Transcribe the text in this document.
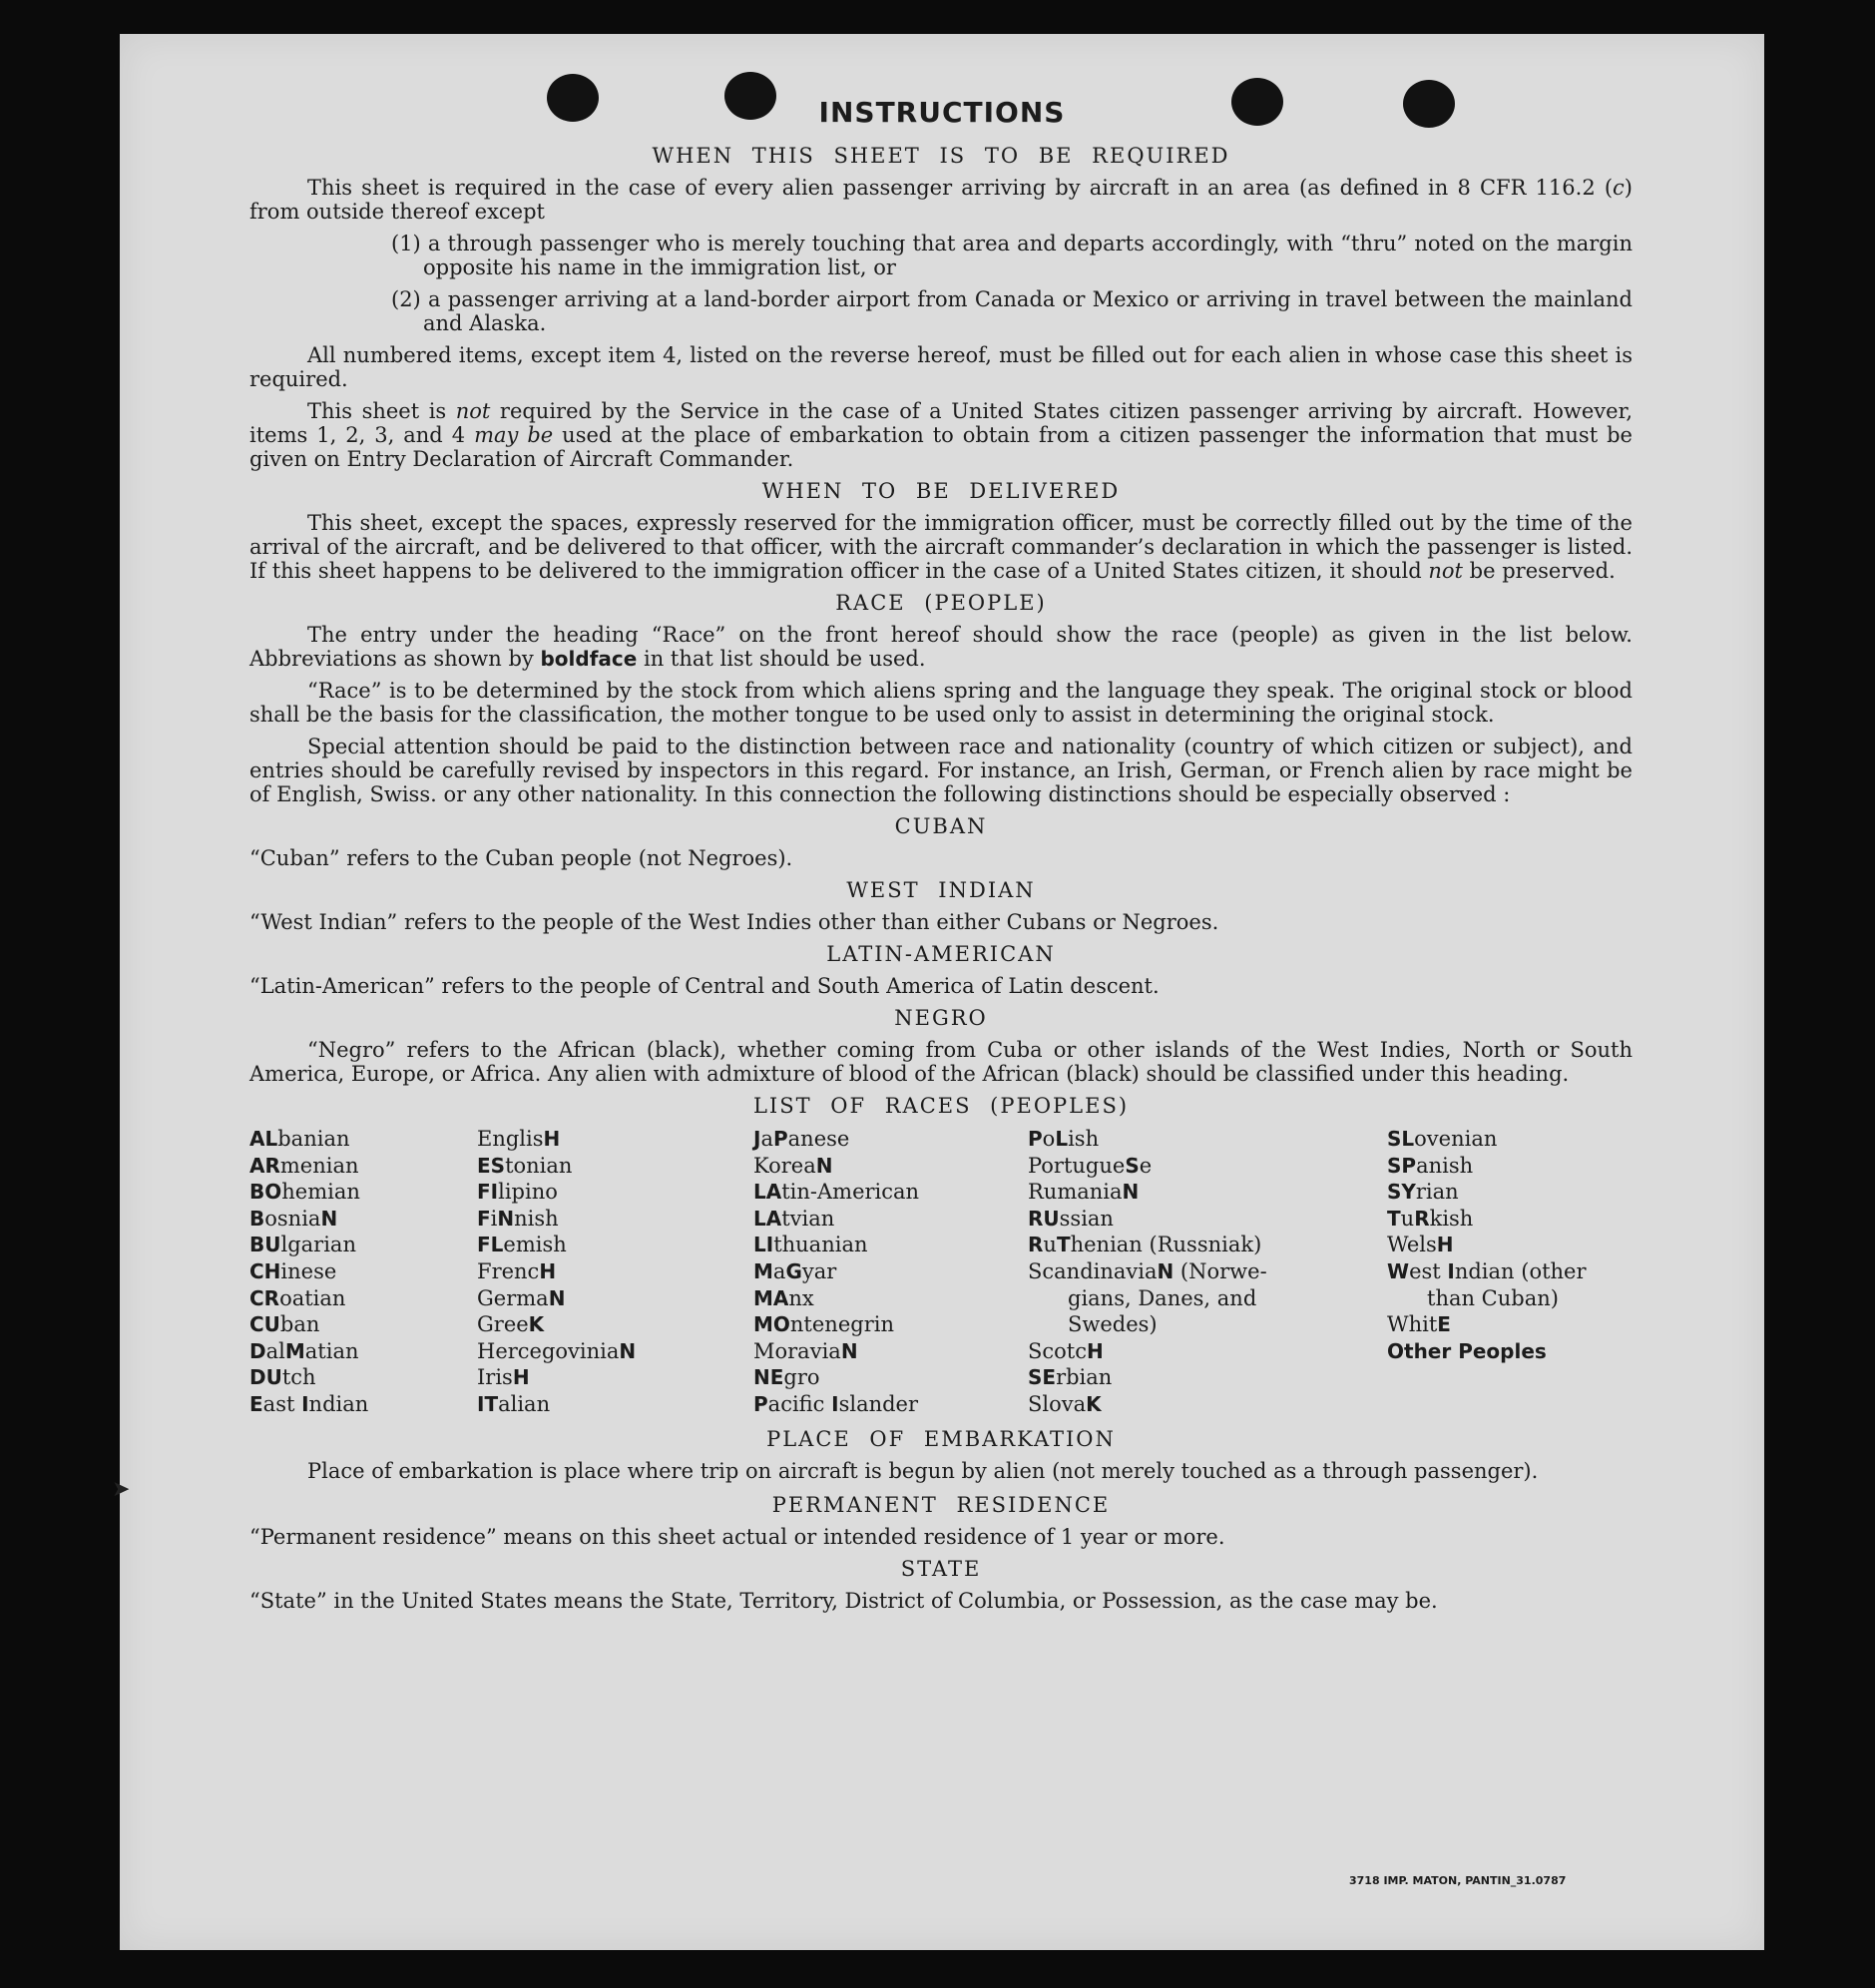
➤
INSTRUCTIONS
WHEN THIS SHEET IS TO BE REQUIRED

This sheet is required in the case of every alien passenger arriving by aircraft in an area (as defined in 8 CFR 116.2 (c) from outside thereof except

(1) a through passenger who is merely touching that area and departs accordingly, with “thru” noted on the margin opposite his name in the immigration list, or
(2) a passenger arriving at a land-border airport from Canada or Mexico or arriving in travel between the mainland and Alaska.

All numbered items, except item 4, listed on the reverse hereof, must be filled out for each alien in whose case this sheet is required.

This sheet is not required by the Service in the case of a United States citizen passenger arriving by aircraft. However, items 1, 2, 3, and 4 may be used at the place of embarkation to obtain from a citizen passenger the information that must be given on Entry Declaration of Aircraft Commander.

WHEN TO BE DELIVERED

This sheet, except the spaces, expressly reserved for the immigration officer, must be correctly filled out by the time of the arrival of the aircraft, and be delivered to that officer, with the aircraft commander’s declaration in which the passenger is listed. If this sheet happens to be delivered to the immigration officer in the case of a United States citizen, it should not be preserved.

RACE (PEOPLE)

The entry under the heading “Race” on the front hereof should show the race (people) as given in the list below. Abbreviations as shown by boldface in that list should be used.

“Race” is to be determined by the stock from which aliens spring and the language they speak. The original stock or blood shall be the basis for the classification, the mother tongue to be used only to assist in determining the original stock.

Special attention should be paid to the distinction between race and nationality (country of which citizen or subject), and entries should be carefully revised by inspectors in this regard. For instance, an Irish, German, or French alien by race might be of English, Swiss. or any other nationality. In this connection the following distinctions should be especially observed :

CUBAN

“Cuban” refers to the Cuban people (not Negroes).

WEST INDIAN

“West Indian” refers to the people of the West Indies other than either Cubans or Negroes.

LATIN-AMERICAN

“Latin-American” refers to the people of Central and South America of Latin descent.

NEGRO

“Negro” refers to the African (black), whether coming from Cuba or other islands of the West Indies, North or South America, Europe, or Africa. Any alien with admixture of blood of the African (black) should be classified under this heading.

LIST OF RACES (PEOPLES)
ALbanian
ARmenian
BOhemian
BosniaN
BUlgarian
CHinese
CRoatian
CUban
DalMatian
DUtch
East Indian
EnglisH
EStonian
FIlipino
FiNnish
FLemish
FrencH
GermaN
GreeK
HercegoviniaN
IrisH
ITalian
JaPanese
KoreaN
LAtin-American
LAtvian
LIthuanian
MaGyar
MAnx
MOntenegrin
MoraviaN
NEgro
Pacific Islander
PoLish
PortugueSe
RumaniaN
RUssian
RuThenian (Russniak)
ScandinaviaN (Norwe-
gians, Danes, and
Swedes)
ScotcH
SErbian
SlovaK
SLovenian
SPanish
SYrian
TuRkish
WelsH
West Indian (other
than Cuban)
WhitE
Other Peoples
PLACE OF EMBARKATION

Place of embarkation is place where trip on aircraft is begun by alien (not merely touched as a through passenger).

PERMANENT RESIDENCE

“Permanent residence” means on this sheet actual or intended residence of 1 year or more.

STATE

“State” in the United States means the State, Territory, District of Columbia, or Possession, as the case may be.

3718 IMP. MATON, PANTIN_31.0787
